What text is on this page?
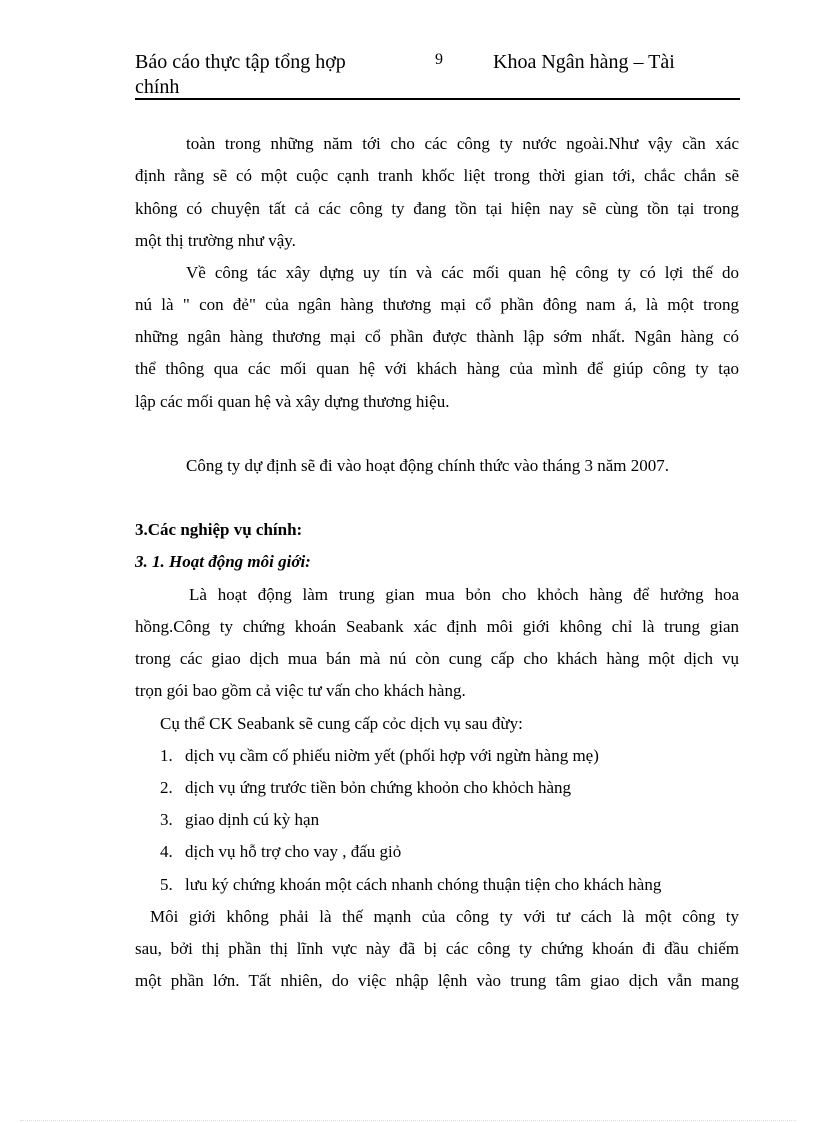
Báo cáo thực tập tổng hợp chính
9	Khoa Ngân hàng – Tài
toàn trong những năm tới cho các công ty nước ngoài.Như vậy cần xác
định rằng sẽ có một cuộc cạnh tranh khốc liệt trong thời gian tới, chắc chắn sẽ
không có chuyện tất cả các công ty đang tồn tại hiện nay sẽ cùng tồn tại trong
một thị trường như vậy.
Về công tác xây dựng uy tín và các mối quan hệ công ty có lợi thế do
nú là " con đẻ" của ngân hàng thương mại cổ phần đông nam á, là một trong
những ngân hàng thương mại cổ phần được thành lập sớm nhất. Ngân hàng có
thể thông qua các mối quan hệ với khách hàng của mình để giúp công ty tạo
lập các mối quan hệ và xây dựng thương hiệu.
Công ty dự định sẽ đi vào hoạt động chính thức vào tháng 3 năm 2007.
3.Các nghiệp vụ chính:
3. 1. Hoạt động môi giới:
Là hoạt động làm trung gian mua bỏn cho khỏch hàng để hưởng hoa
hồng.Công ty chứng khoán Seabank xác định môi giới không chỉ là trung gian
trong các giao dịch mua bán mà nú còn cung cấp cho khách hàng một dịch vụ
trọn gói bao gồm cả việc tư vấn cho khách hàng.
Cụ thể CK Seabank sẽ cung cấp cỏc dịch vụ sau đừy:
1. dịch vụ cầm cố phiếu niờm yết (phối hợp với ngừn hàng mẹ)
2. dịch vụ ứng trước tiền bỏn chứng khoỏn cho khỏch hàng
3. giao dịnh cú kỳ hạn
4. dịch vụ hỗ trợ cho vay , đấu giỏ
5. lưu ký chứng khoán một cách nhanh chóng thuận tiện cho khách hàng
Môi giới không phải là thế mạnh của công ty với tư cách là một công ty
sau, bởi thị phần thị lĩnh vực này đã bị các công ty chứng khoán đi đầu chiếm
một phần lớn. Tất nhiên, do việc nhập lệnh vào trung tâm giao dịch vẫn mang
